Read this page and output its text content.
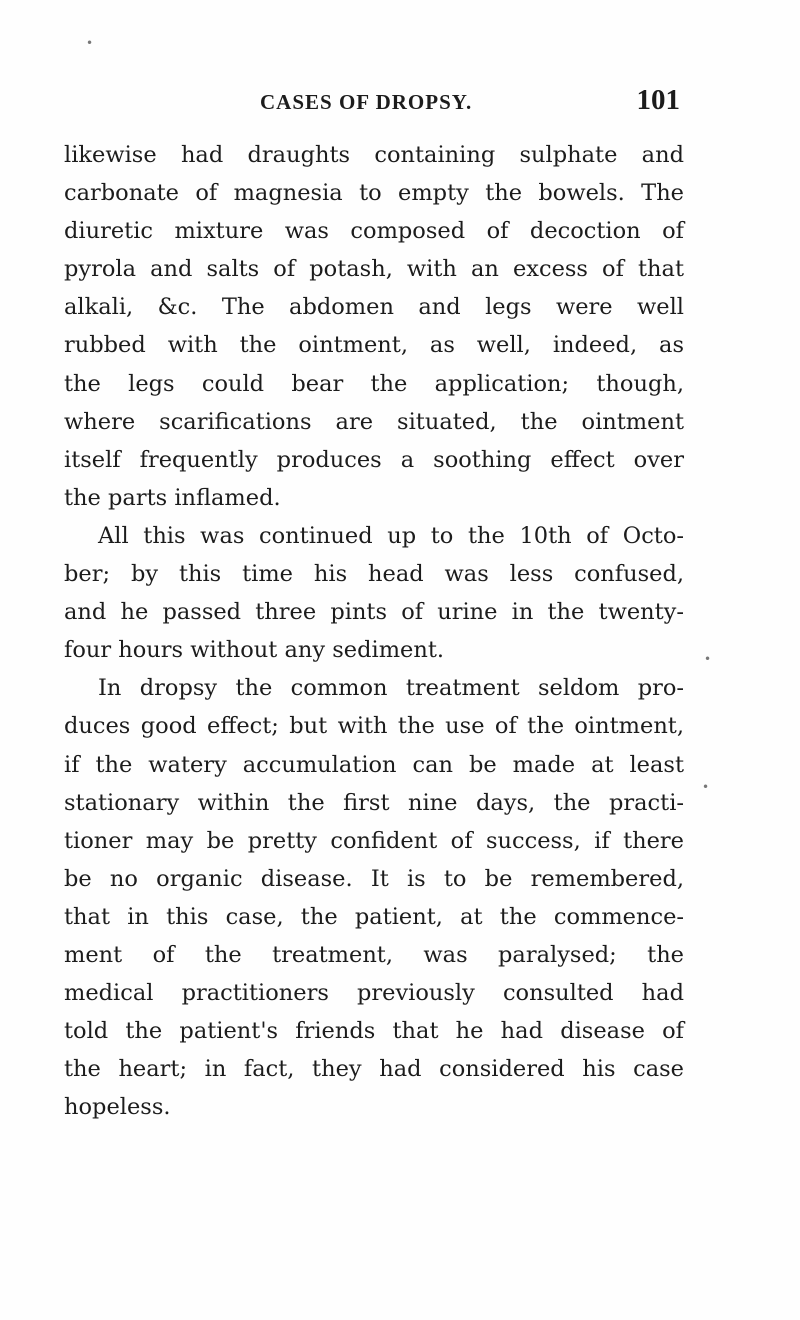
CASES OF DROPSY.	101
likewise had draughts containing sulphate and
carbonate of magnesia to empty the bowels. The
diuretic mixture was composed of decoction of
pyrola and salts of potash, with an excess of that
alkali, &c. The abdomen and legs were well
rubbed with the ointment, as well, indeed, as
the legs could bear the application; though,
where scarifications are situated, the ointment
itself frequently produces a soothing effect over
the parts inflamed.
All this was continued up to the 10th of Octo-
ber; by this time his head was less confused,
and he passed three pints of urine in the twenty-
four hours without any sediment.
In dropsy the common treatment seldom pro-
duces good effect; but with the use of the ointment,
if the watery accumulation can be made at least
stationary within the first nine days, the practi-
tioner may be pretty confident of success, if there
be no organic disease. It is to be remembered,
that in this case, the patient, at the commence-
ment of the treatment, was paralysed; the
medical practitioners previously consulted had
told the patient's friends that he had disease of
the heart; in fact, they had considered his case
hopeless.
•
•
•
